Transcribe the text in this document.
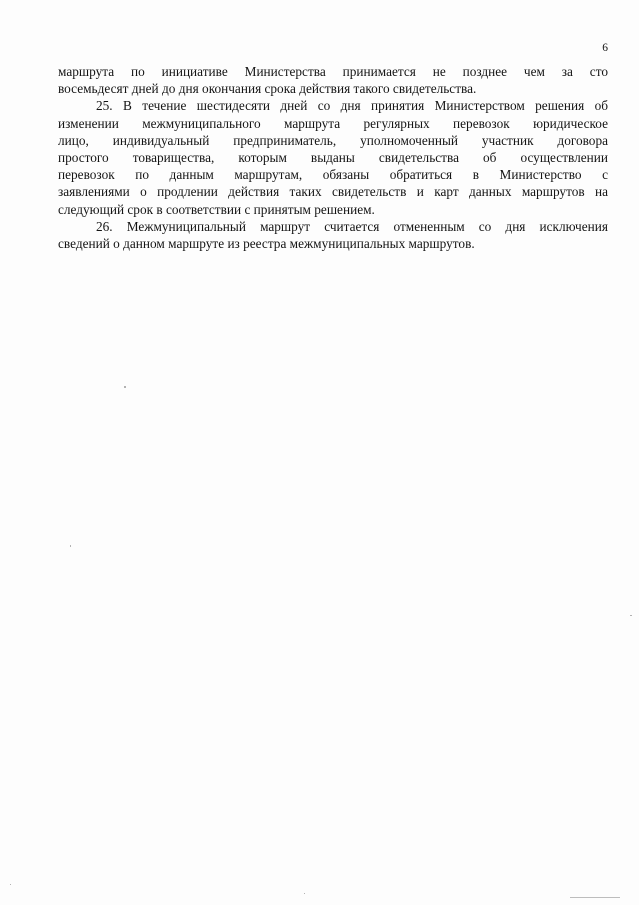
6

маршрута по инициативе Министерства принимается не позднее чем за сто
восемьдесят дней до дня окончания срока действия такого свидетельства.

25. В течение шестидесяти дней со дня принятия Министерством решения об
изменении межмуниципального маршрута регулярных перевозок юридическое
лицо, индивидуальный предприниматель, уполномоченный участник договора
простого товарищества, которым выданы свидетельства об осуществлении
перевозок по данным маршрутам, обязаны обратиться в Министерство с
заявлениями о продлении действия таких свидетельств и карт данных маршрутов на
следующий срок в соответствии с принятым решением.

26. Межмуниципальный маршрут считается отмененным со дня исключения
сведений о данном маршруте из реестра межмуниципальных маршрутов.
